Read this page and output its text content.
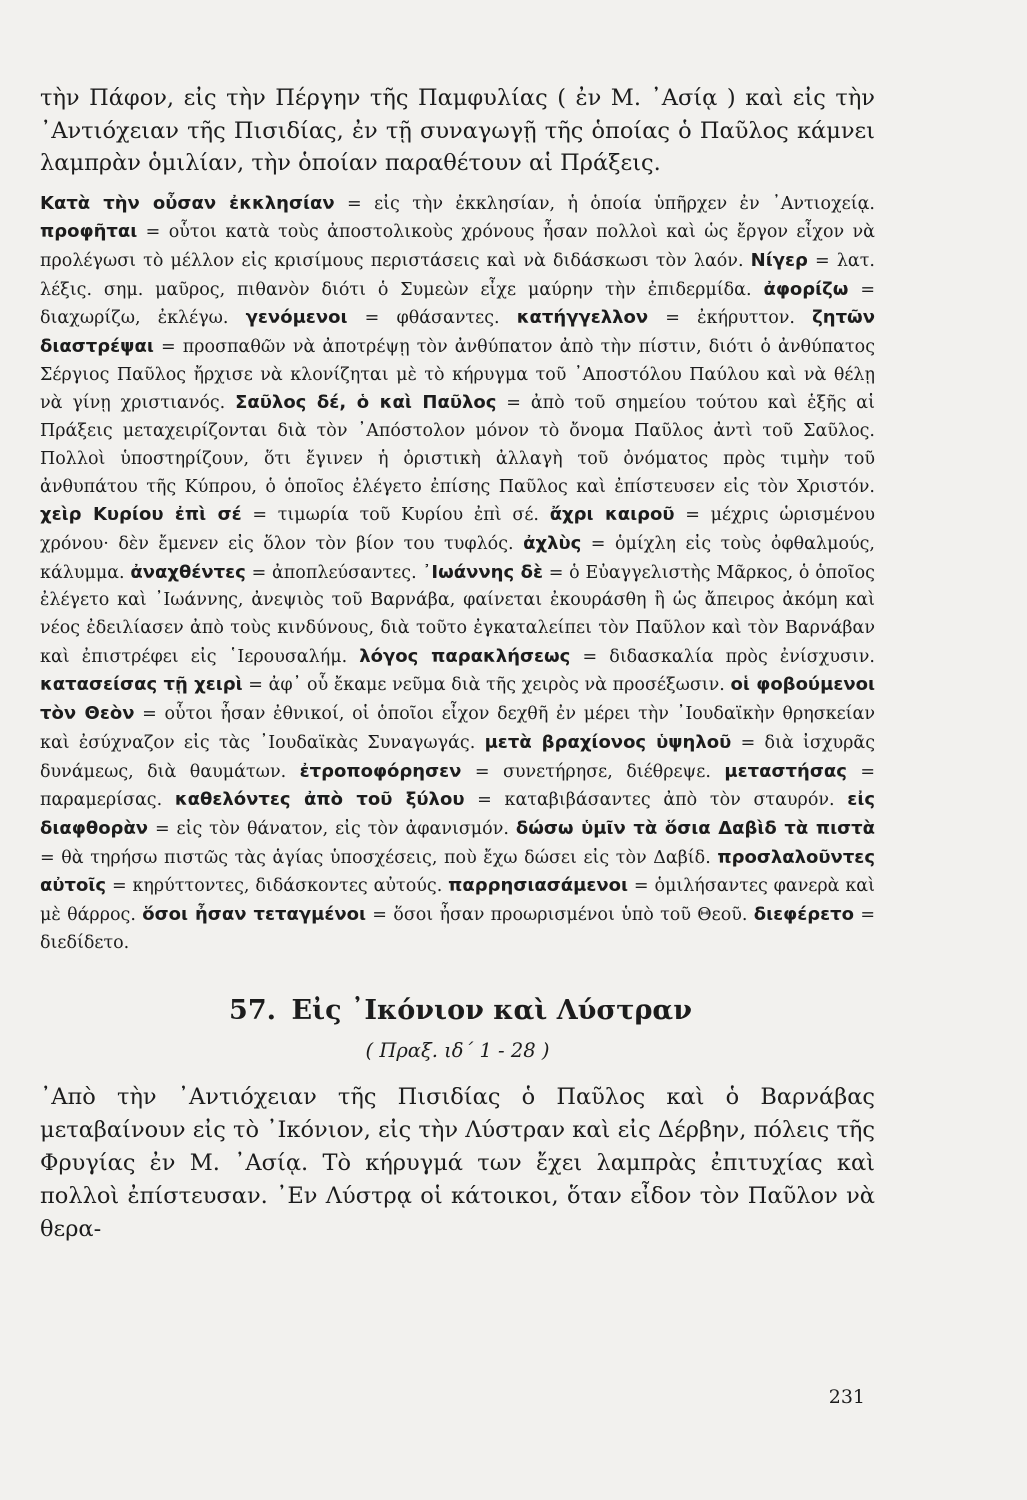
τὴν Πάφον, εἰς τὴν Πέργην τῆς Παμφυλίας ( ἐν Μ. ᾿Ασίᾳ ) καὶ εἰς τὴν ᾿Αντιόχειαν τῆς Πισιδίας, ἐν τῇ συναγωγῇ τῆς ὁποίας ὁ Παῦλος κάμνει λαμπρὰν ὁμιλίαν, τὴν ὁποίαν παραθέτουν αἱ Πράξεις.

Κατὰ τὴν οὖσαν ἐκκλησίαν = εἰς τὴν ἐκκλησίαν, ἡ ὁποία ὑπῆρχεν ἐν ᾿Αντιοχείᾳ. προφῆται = οὗτοι κατὰ τοὺς ἀποστολικοὺς χρόνους ἦσαν πολλοὶ καὶ ὡς ἔργον εἶχον νὰ προλέγωσι τὸ μέλλον εἰς κρισίμους περιστάσεις καὶ νὰ διδάσκωσι τὸν λαόν. Νίγερ = λατ. λέξις. σημ. μαῦρος, πιθανὸν διότι ὁ Συμεὼν εἶχε μαύρην τὴν ἐπιδερμίδα. ἀφορίζω = διαχωρίζω, ἐκλέγω. γενόμενοι = φθάσαντες. κατήγγελλον = ἐκήρυττον. ζητῶν διαστρέψαι = προσπαθῶν νὰ ἀποτρέψῃ τὸν ἀνθύπατον ἀπὸ τὴν πίστιν, διότι ὁ ἀνθύπατος Σέργιος Παῦλος ἤρχισε νὰ κλονίζηται μὲ τὸ κήρυγμα τοῦ ᾿Αποστόλου Παύλου καὶ νὰ θέλῃ νὰ γίνῃ χριστιανός. Σαῦλος δέ, ὁ καὶ Παῦλος = ἀπὸ τοῦ σημείου τούτου καὶ ἑξῆς αἱ Πράξεις μεταχειρίζονται διὰ τὸν ᾿Απόστολον μόνον τὸ ὄνομα Παῦλος ἀντὶ τοῦ Σαῦλος. Πολλοὶ ὑποστηρίζουν, ὅτι ἔγινεν ἡ ὁριστικὴ ἀλλαγὴ τοῦ ὀνόματος πρὸς τιμὴν τοῦ ἀνθυπάτου τῆς Κύπρου, ὁ ὁποῖος ἐλέγετο ἐπίσης Παῦλος καὶ ἐπίστευσεν εἰς τὸν Χριστόν. χεὶρ Κυρίου ἐπὶ σέ = τιμωρία τοῦ Κυρίου ἐπὶ σέ. ἄχρι καιροῦ = μέχρις ὡρισμένου χρόνου· δὲν ἔμενεν εἰς ὅλον τὸν βίον του τυφλός. ἀχλὺς = ὁμίχλη εἰς τοὺς ὀφθαλμούς, κάλυμμα. ἀναχθέντες = ἀποπλεύσαντες. ᾿Ιωάννης δὲ = ὁ Εὐαγγελιστὴς Μᾶρκος, ὁ ὁποῖος ἐλέγετο καὶ ᾿Ιωάννης, ἀνεψιὸς τοῦ Βαρνάβα, φαίνεται ἐκουράσθη ἢ ὡς ἄπειρος ἀκόμη καὶ νέος ἐδειλίασεν ἀπὸ τοὺς κινδύνους, διὰ τοῦτο ἐγκαταλείπει τὸν Παῦλον καὶ τὸν Βαρνάβαν καὶ ἐπιστρέφει εἰς ῾Ιερουσαλήμ. λόγος παρακλήσεως = διδασκαλία πρὸς ἐνίσχυσιν. κατασείσας τῇ χειρὶ = ἀφ᾿ οὗ ἔκαμε νεῦμα διὰ τῆς χειρὸς νὰ προσέξωσιν. οἱ φοβούμενοι τὸν Θεὸν = οὗτοι ἦσαν ἐθνικοί, οἱ ὁποῖοι εἶχον δεχθῆ ἐν μέρει τὴν ᾿Ιουδαϊκὴν θρησκείαν καὶ ἐσύχναζον εἰς τὰς ᾿Ιουδαϊκὰς Συναγωγάς. μετὰ βραχίονος ὑψηλοῦ = διὰ ἰσχυρᾶς δυνάμεως, διὰ θαυμάτων. ἐτροποφόρησεν = συνετήρησε, διέθρεψε. μεταστήσας = παραμερίσας. καθελόντες ἀπὸ τοῦ ξύλου = καταβιβάσαντες ἀπὸ τὸν σταυρόν. εἰς διαφθορὰν = εἰς τὸν θάνατον, εἰς τὸν ἀφανισμόν. δώσω ὑμῖν τὰ ὅσια Δαβὶδ τὰ πιστὰ = θὰ τηρήσω πιστῶς τὰς ἁγίας ὑποσχέσεις, ποὺ ἔχω δώσει εἰς τὸν Δαβίδ. προσλαλοῦντες αὐτοῖς = κηρύττοντες, διδάσκοντες αὐτούς. παρρησιασάμενοι = ὁμιλήσαντες φανερὰ καὶ μὲ θάρρος. ὅσοι ἦσαν τεταγμένοι = ὅσοι ἦσαν προωρισμένοι ὑπὸ τοῦ Θεοῦ. διεφέρετο = διεδίδετο.

57. Εἰς ᾿Ικόνιον καὶ Λύστραν
( Πραξ. ιδ΄ 1 - 28 )

᾿Απὸ τὴν ᾿Αντιόχειαν τῆς Πισιδίας ὁ Παῦλος καὶ ὁ Βαρνάβας μεταβαίνουν εἰς τὸ ᾿Ικόνιον, εἰς τὴν Λύστραν καὶ εἰς Δέρβην, πόλεις τῆς Φρυγίας ἐν Μ. ᾿Ασίᾳ. Τὸ κήρυγμά των ἔχει λαμπρὰς ἐπιτυχίας καὶ πολλοὶ ἐπίστευσαν. ᾿Εν Λύστρᾳ οἱ κάτοικοι, ὅταν εἶδον τὸν Παῦλον νὰ θερα-

231
